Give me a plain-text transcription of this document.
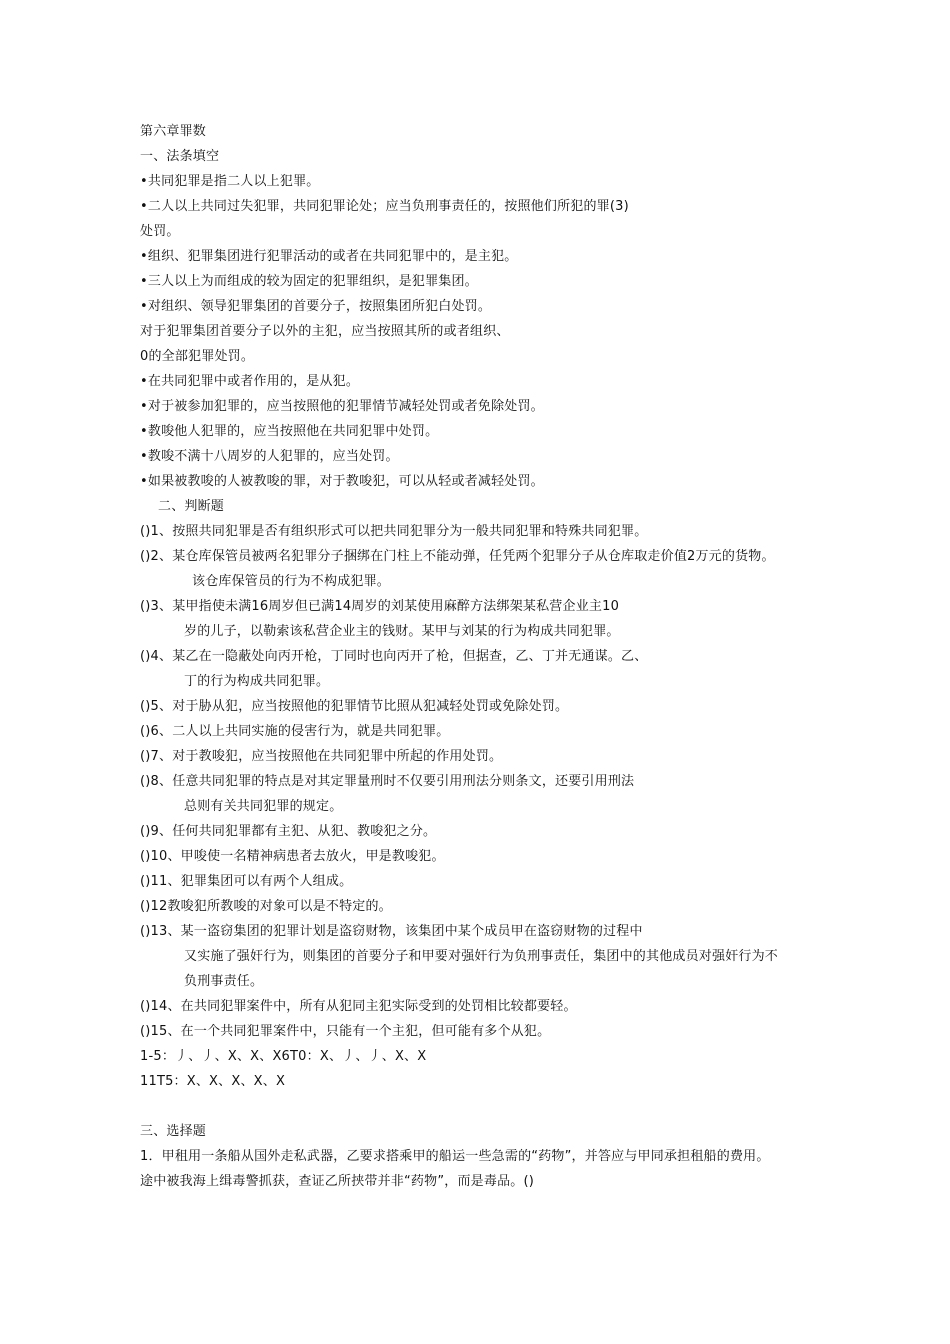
第六章罪数
一、法条填空
•共同犯罪是指二人以上犯罪。
•二人以上共同过失犯罪，共同犯罪论处；应当负刑事责任的，按照他们所犯的罪(3)
处罚。
•组织、犯罪集团进行犯罪活动的或者在共同犯罪中的，是主犯。
•三人以上为而组成的较为固定的犯罪组织，是犯罪集团。
•对组织、领导犯罪集团的首要分子，按照集团所犯白处罚。
对于犯罪集团首要分子以外的主犯，应当按照其所的或者组织、
0的全部犯罪处罚。
•在共同犯罪中或者作用的，是从犯。
•对于被参加犯罪的，应当按照他的犯罪情节减轻处罚或者免除处罚。
•教唆他人犯罪的，应当按照他在共同犯罪中处罚。
•教唆不满十八周岁的人犯罪的，应当处罚。
•如果被教唆的人被教唆的罪，对于教唆犯，可以从轻或者减轻处罚。
二、判断题
()1、按照共同犯罪是否有组织形式可以把共同犯罪分为一般共同犯罪和特殊共同犯罪。
()2、某仓库保管员被两名犯罪分子捆绑在门柱上不能动弹，任凭两个犯罪分子从仓库取走价值2万元的货物。
该仓库保管员的行为不构成犯罪。
()3、某甲指使未满16周岁但已满14周岁的刘某使用麻醉方法绑架某私营企业主10
岁的儿子，以勒索该私营企业主的钱财。某甲与刘某的行为构成共同犯罪。
()4、某乙在一隐蔽处向丙开枪，丁同时也向丙开了枪，但据查，乙、丁并无通谋。乙、
丁的行为构成共同犯罪。
()5、对于胁从犯，应当按照他的犯罪情节比照从犯减轻处罚或免除处罚。
()6、二人以上共同实施的侵害行为，就是共同犯罪。
()7、对于教唆犯，应当按照他在共同犯罪中所起的作用处罚。
()8、任意共同犯罪的特点是对其定罪量刑时不仅要引用刑法分则条文，还要引用刑法
总则有关共同犯罪的规定。
()9、任何共同犯罪都有主犯、从犯、教唆犯之分。
()10、甲唆使一名精神病患者去放火，甲是教唆犯。
()11、犯罪集团可以有两个人组成。
()12教唆犯所教唆的对象可以是不特定的。
()13、某一盗窃集团的犯罪计划是盗窃财物，该集团中某个成员甲在盗窃财物的过程中
又实施了强奸行为，则集团的首要分子和甲要对强奸行为负刑事责任，集团中的其他成员对强奸行为不
负刑事责任。
()14、在共同犯罪案件中，所有从犯同主犯实际受到的处罚相比较都要轻。
()15、在一个共同犯罪案件中，只能有一个主犯，但可能有多个从犯。
1-5：丿、丿、X、X、X6T0：X、丿、丿、X、X
11T5：X、X、X、X、X
三、选择题
1．甲租用一条船从国外走私武器，乙要求搭乘甲的船运一些急需的“药物”，并答应与甲同承担租船的费用。
途中被我海上缉毒警抓获，查证乙所挟带并非“药物”，而是毒品。()
